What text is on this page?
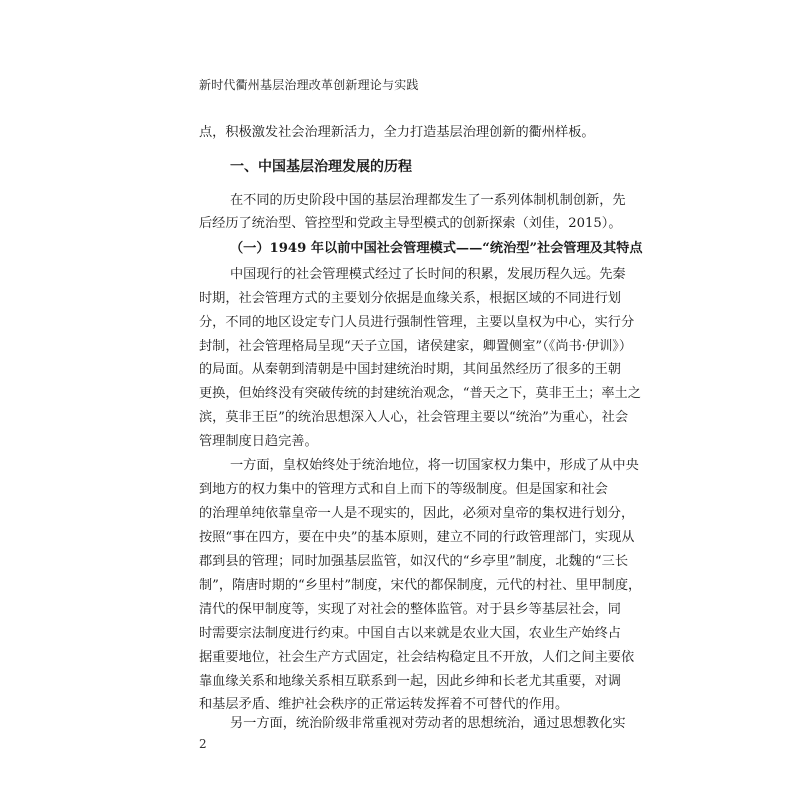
新时代衢州基层治理改革创新理论与实践
点，积极激发社会治理新活力，全力打造基层治理创新的衢州样板。
一、中国基层治理发展的历程
在不同的历史阶段中国的基层治理都发生了一系列体制机制创新，先
后经历了统治型、管控型和党政主导型模式的创新探索（刘佳，2015）。
（一）1949 年以前中国社会管理模式——“统治型”社会管理及其特点
中国现行的社会管理模式经过了长时间的积累，发展历程久远。先秦
时期，社会管理方式的主要划分依据是血缘关系，根据区域的不同进行划
分，不同的地区设定专门人员进行强制性管理，主要以皇权为中心，实行分
封制，社会管理格局呈现“天子立国，诸侯建家，卿置侧室”（《尚书·伊训》）
的局面。从秦朝到清朝是中国封建统治时期，其间虽然经历了很多的王朝
更换，但始终没有突破传统的封建统治观念，“普天之下，莫非王土；率土之
滨，莫非王臣”的统治思想深入人心，社会管理主要以“统治”为重心，社会
管理制度日趋完善。
一方面，皇权始终处于统治地位，将一切国家权力集中，形成了从中央
到地方的权力集中的管理方式和自上而下的等级制度。但是国家和社会
的治理单纯依靠皇帝一人是不现实的，因此，必须对皇帝的集权进行划分，
按照“事在四方，要在中央”的基本原则，建立不同的行政管理部门，实现从
郡到县的管理；同时加强基层监管，如汉代的“乡亭里”制度，北魏的“三长
制”，隋唐时期的“乡里村”制度，宋代的都保制度，元代的村社、里甲制度，
清代的保甲制度等，实现了对社会的整体监管。对于县乡等基层社会，同
时需要宗法制度进行约束。中国自古以来就是农业大国，农业生产始终占
据重要地位，社会生产方式固定，社会结构稳定且不开放，人们之间主要依
靠血缘关系和地缘关系相互联系到一起，因此乡绅和长老尤其重要，对调
和基层矛盾、维护社会秩序的正常运转发挥着不可替代的作用。
另一方面，统治阶级非常重视对劳动者的思想统治，通过思想教化实
2
